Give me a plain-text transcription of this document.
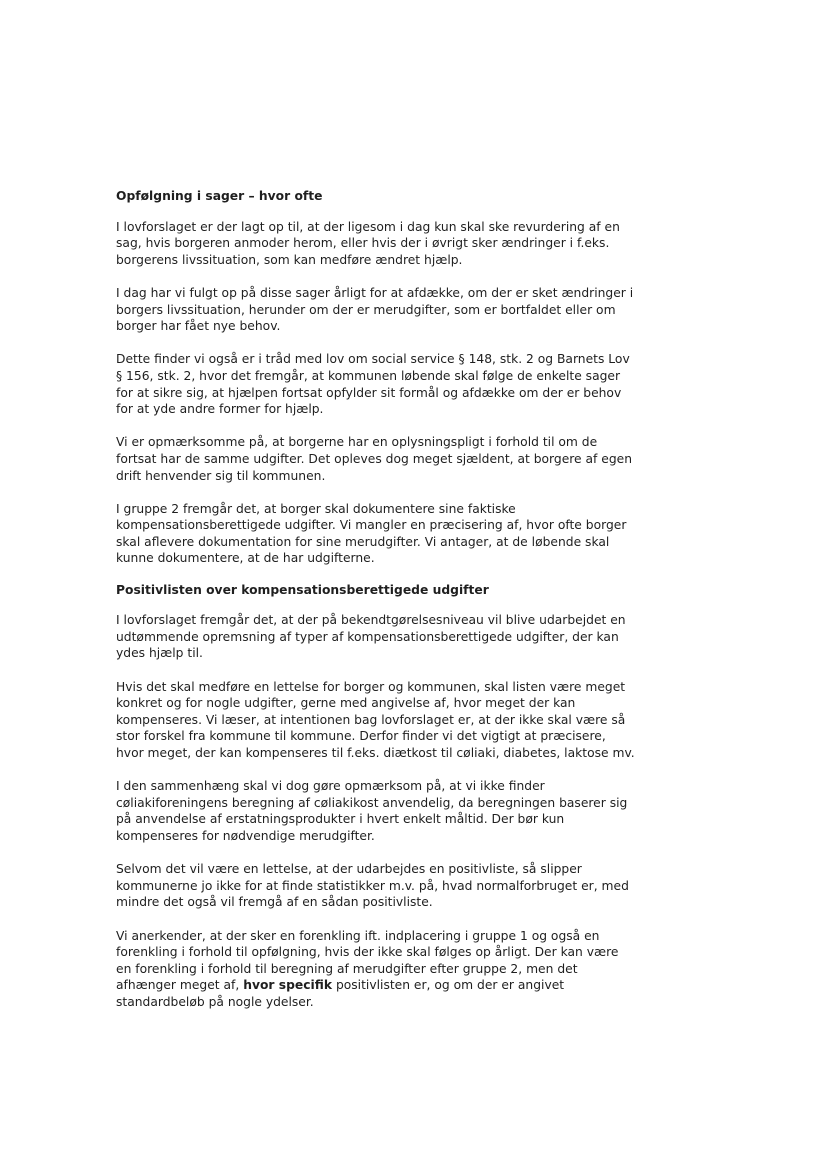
Opfølgning i sager – hvor ofte
I lovforslaget er der lagt op til, at der ligesom i dag kun skal ske revurdering af en
sag, hvis borgeren anmoder herom, eller hvis der i øvrigt sker ændringer i f.eks.
borgerens livssituation, som kan medføre ændret hjælp.
I dag har vi fulgt op på disse sager årligt for at afdække, om der er sket ændringer i
borgers livssituation, herunder om der er merudgifter, som er bortfaldet eller om
borger har fået nye behov.
Dette finder vi også er i tråd med lov om social service § 148, stk. 2 og Barnets Lov
§ 156, stk. 2, hvor det fremgår, at kommunen løbende skal følge de enkelte sager
for at sikre sig, at hjælpen fortsat opfylder sit formål og afdække om der er behov
for at yde andre former for hjælp.
Vi er opmærksomme på, at borgerne har en oplysningspligt i forhold til om de
fortsat har de samme udgifter. Det opleves dog meget sjældent, at borgere af egen
drift henvender sig til kommunen.
I gruppe 2 fremgår det, at borger skal dokumentere sine faktiske
kompensationsberettigede udgifter. Vi mangler en præcisering af, hvor ofte borger
skal aflevere dokumentation for sine merudgifter. Vi antager, at de løbende skal
kunne dokumentere, at de har udgifterne.
Positivlisten over kompensationsberettigede udgifter
I lovforslaget fremgår det, at der på bekendtgørelsesniveau vil blive udarbejdet en
udtømmende opremsning af typer af kompensationsberettigede udgifter, der kan
ydes hjælp til.
Hvis det skal medføre en lettelse for borger og kommunen, skal listen være meget
konkret og for nogle udgifter, gerne med angivelse af, hvor meget der kan
kompenseres. Vi læser, at intentionen bag lovforslaget er, at der ikke skal være så
stor forskel fra kommune til kommune. Derfor finder vi det vigtigt at præcisere,
hvor meget, der kan kompenseres til f.eks. diætkost til cøliaki, diabetes, laktose mv.
I den sammenhæng skal vi dog gøre opmærksom på, at vi ikke finder
cøliakiforeningens beregning af cøliakikost anvendelig, da beregningen baserer sig
på anvendelse af erstatningsprodukter i hvert enkelt måltid. Der bør kun
kompenseres for nødvendige merudgifter.
Selvom det vil være en lettelse, at der udarbejdes en positivliste, så slipper
kommunerne jo ikke for at finde statistikker m.v. på, hvad normalforbruget er, med
mindre det også vil fremgå af en sådan positivliste.
Vi anerkender, at der sker en forenkling ift. indplacering i gruppe 1 og også en
forenkling i forhold til opfølgning, hvis der ikke skal følges op årligt. Der kan være
en forenkling i forhold til beregning af merudgifter efter gruppe 2, men det
afhænger meget af, hvor specifik positivlisten er, og om der er angivet
standardbeløb på nogle ydelser.
